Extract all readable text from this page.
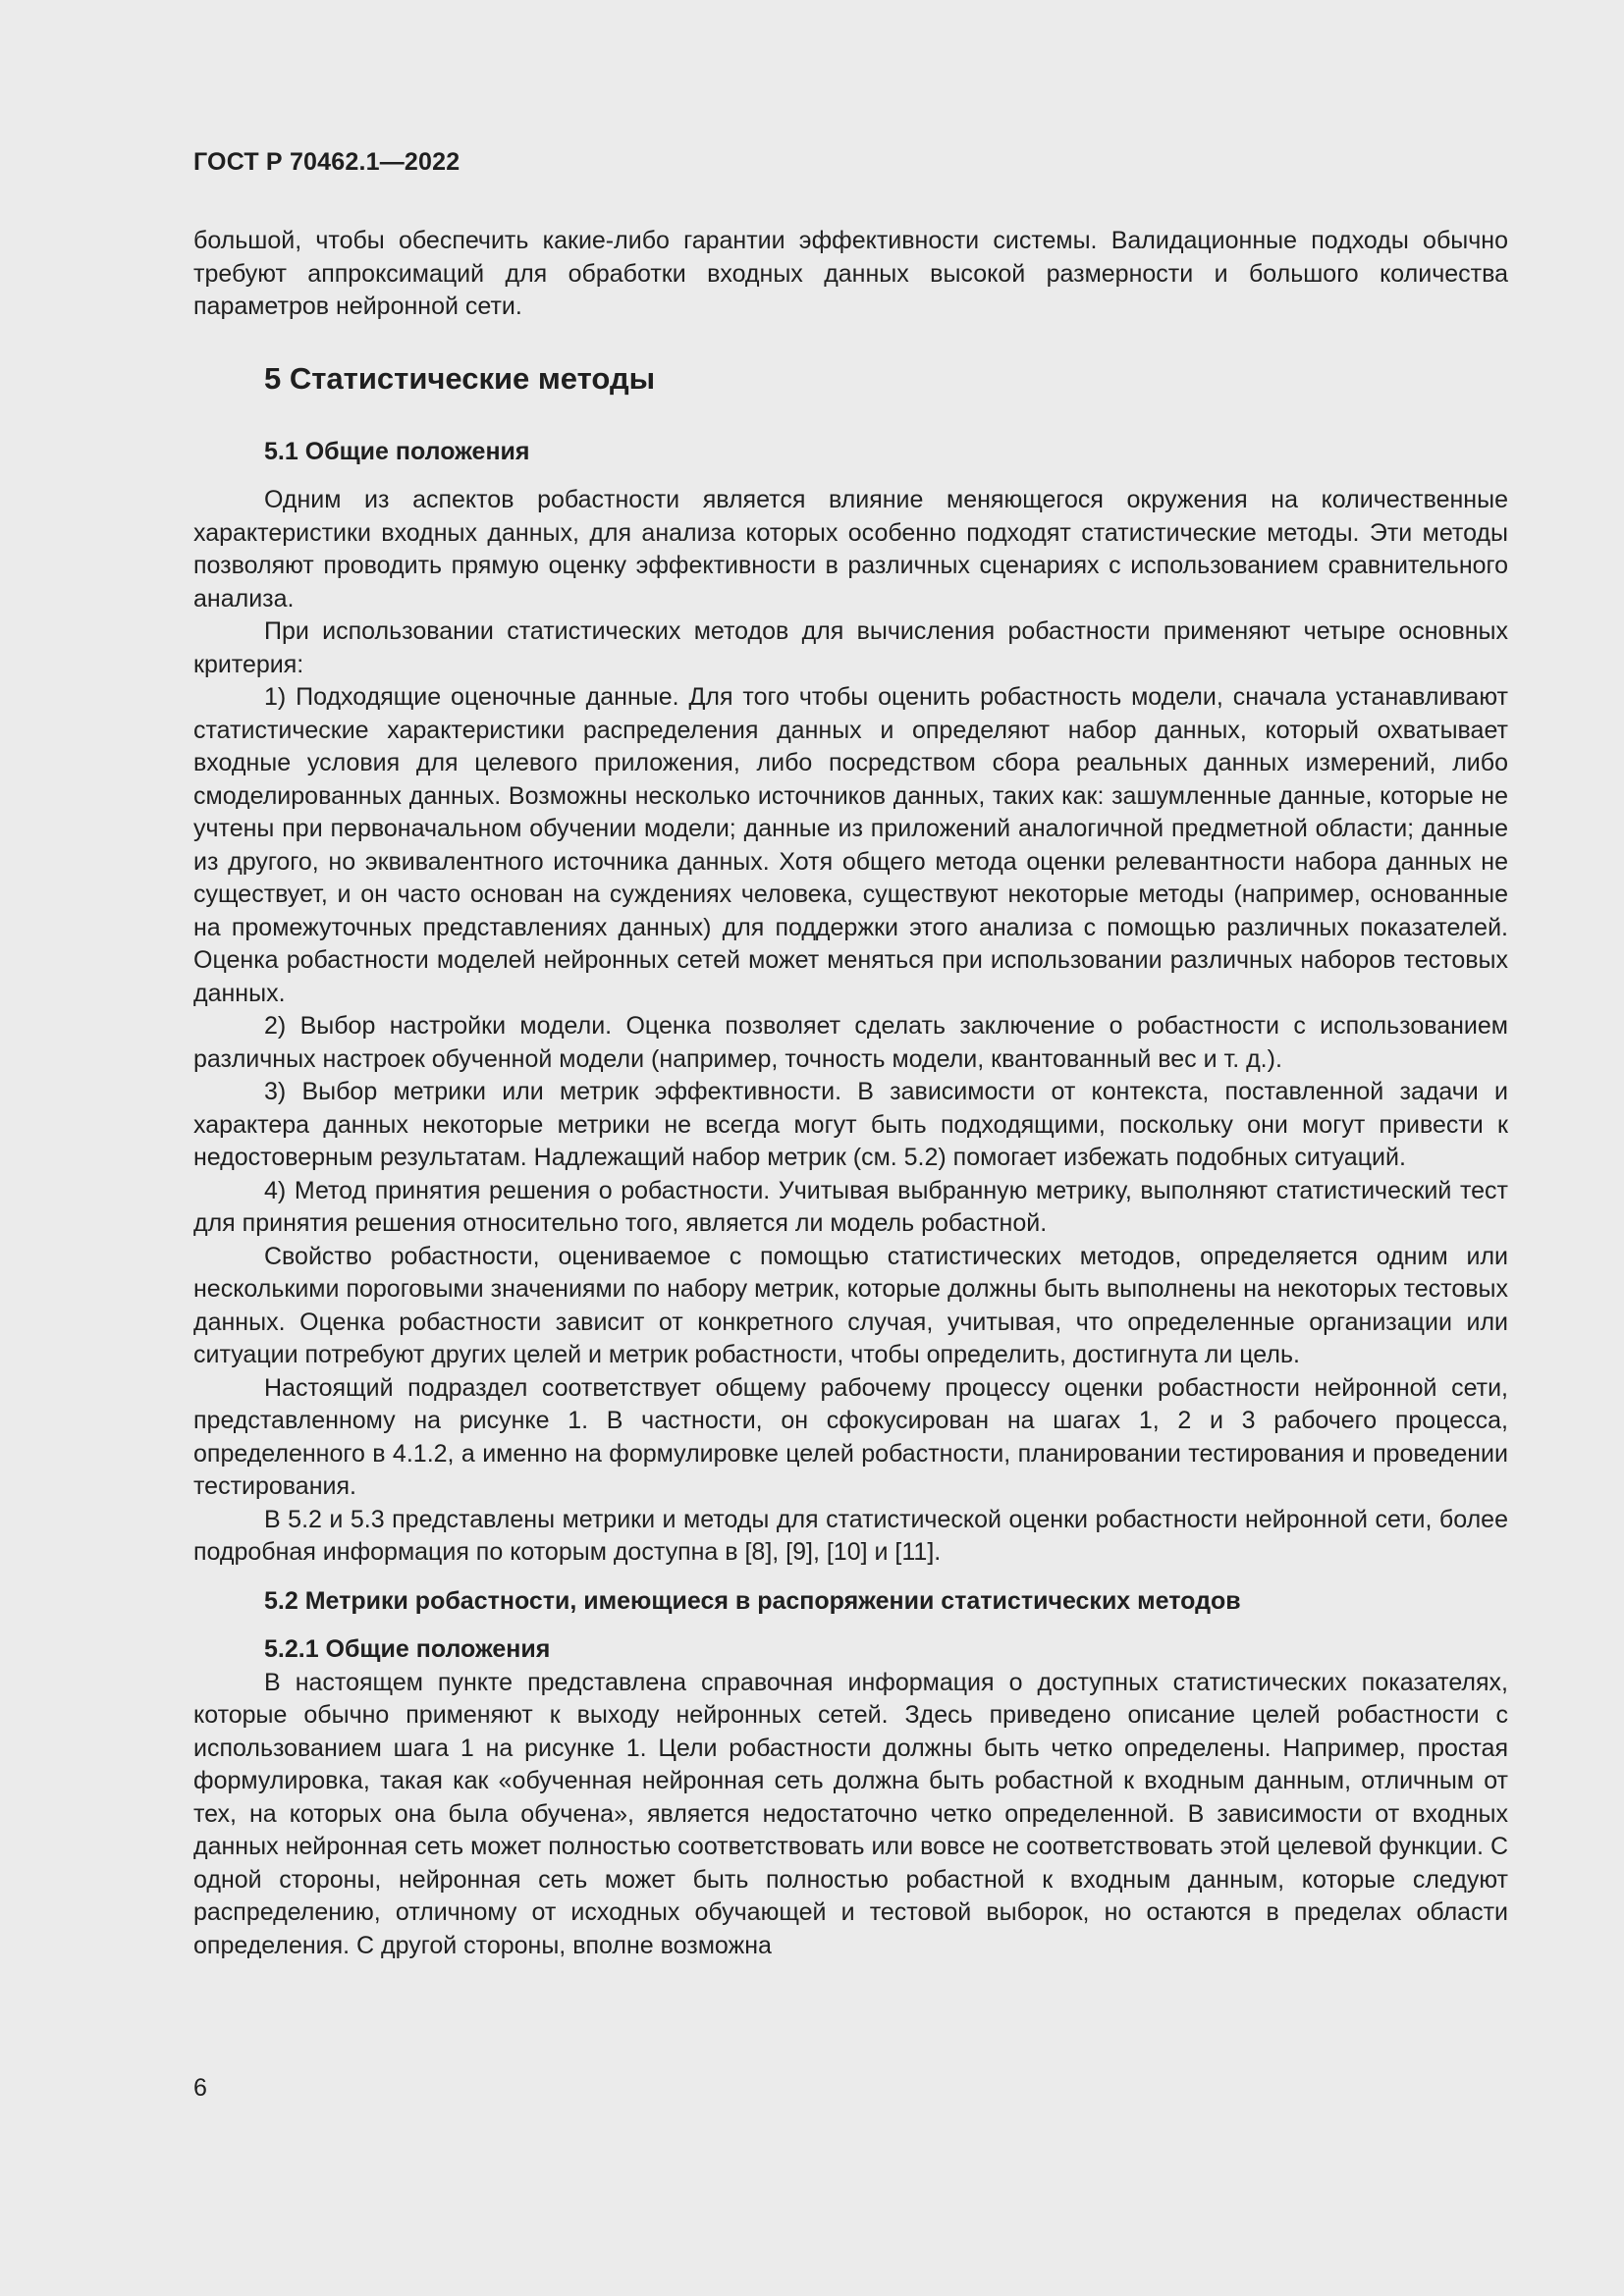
ГОСТ Р 70462.1—2022

большой, чтобы обеспечить какие-либо гарантии эффективности системы. Валидационные подходы обычно требуют аппроксимаций для обработки входных данных высокой размерности и большого количества параметров нейронной сети.

5 Статистические методы
5.1 Общие положения

Одним из аспектов робастности является влияние меняющегося окружения на количественные характеристики входных данных, для анализа которых особенно подходят статистические методы. Эти методы позволяют проводить прямую оценку эффективности в различных сценариях с использованием сравнительного анализа.

При использовании статистических методов для вычисления робастности применяют четыре основных критерия:

1) Подходящие оценочные данные. Для того чтобы оценить робастность модели, сначала устанавливают статистические характеристики распределения данных и определяют набор данных, который охватывает входные условия для целевого приложения, либо посредством сбора реальных данных измерений, либо смоделированных данных. Возможны несколько источников данных, таких как: зашумленные данные, которые не учтены при первоначальном обучении модели; данные из приложений аналогичной предметной области; данные из другого, но эквивалентного источника данных. Хотя общего метода оценки релевантности набора данных не существует, и он часто основан на суждениях человека, существуют некоторые методы (например, основанные на промежуточных представлениях данных) для поддержки этого анализа с помощью различных показателей. Оценка робастности моделей нейронных сетей может меняться при использовании различных наборов тестовых данных.

2) Выбор настройки модели. Оценка позволяет сделать заключение о робастности с использованием различных настроек обученной модели (например, точность модели, квантованный вес и т. д.).

3) Выбор метрики или метрик эффективности. В зависимости от контекста, поставленной задачи и характера данных некоторые метрики не всегда могут быть подходящими, поскольку они могут привести к недостоверным результатам. Надлежащий набор метрик (см. 5.2) помогает избежать подобных ситуаций.

4) Метод принятия решения о робастности. Учитывая выбранную метрику, выполняют статистический тест для принятия решения относительно того, является ли модель робастной.

Свойство робастности, оцениваемое с помощью статистических методов, определяется одним или несколькими пороговыми значениями по набору метрик, которые должны быть выполнены на некоторых тестовых данных. Оценка робастности зависит от конкретного случая, учитывая, что определенные организации или ситуации потребуют других целей и метрик робастности, чтобы определить, достигнута ли цель.

Настоящий подраздел соответствует общему рабочему процессу оценки робастности нейронной сети, представленному на рисунке 1. В частности, он сфокусирован на шагах 1, 2 и 3 рабочего процесса, определенного в 4.1.2, а именно на формулировке целей робастности, планировании тестирования и проведении тестирования.

В 5.2 и 5.3 представлены метрики и методы для статистической оценки робастности нейронной сети, более подробная информация по которым доступна в [8], [9], [10] и [11].

5.2 Метрики робастности, имеющиеся в распоряжении статистических методов
5.2.1 Общие положения

В настоящем пункте представлена справочная информация о доступных статистических показателях, которые обычно применяют к выходу нейронных сетей. Здесь приведено описание целей робастности с использованием шага 1 на рисунке 1. Цели робастности должны быть четко определены. Например, простая формулировка, такая как «обученная нейронная сеть должна быть робастной к входным данным, отличным от тех, на которых она была обучена», является недостаточно четко определенной. В зависимости от входных данных нейронная сеть может полностью соответствовать или вовсе не соответствовать этой целевой функции. С одной стороны, нейронная сеть может быть полностью робастной к входным данным, которые следуют распределению, отличному от исходных обучающей и тестовой выборок, но остаются в пределах области определения. С другой стороны, вполне возможна

6
